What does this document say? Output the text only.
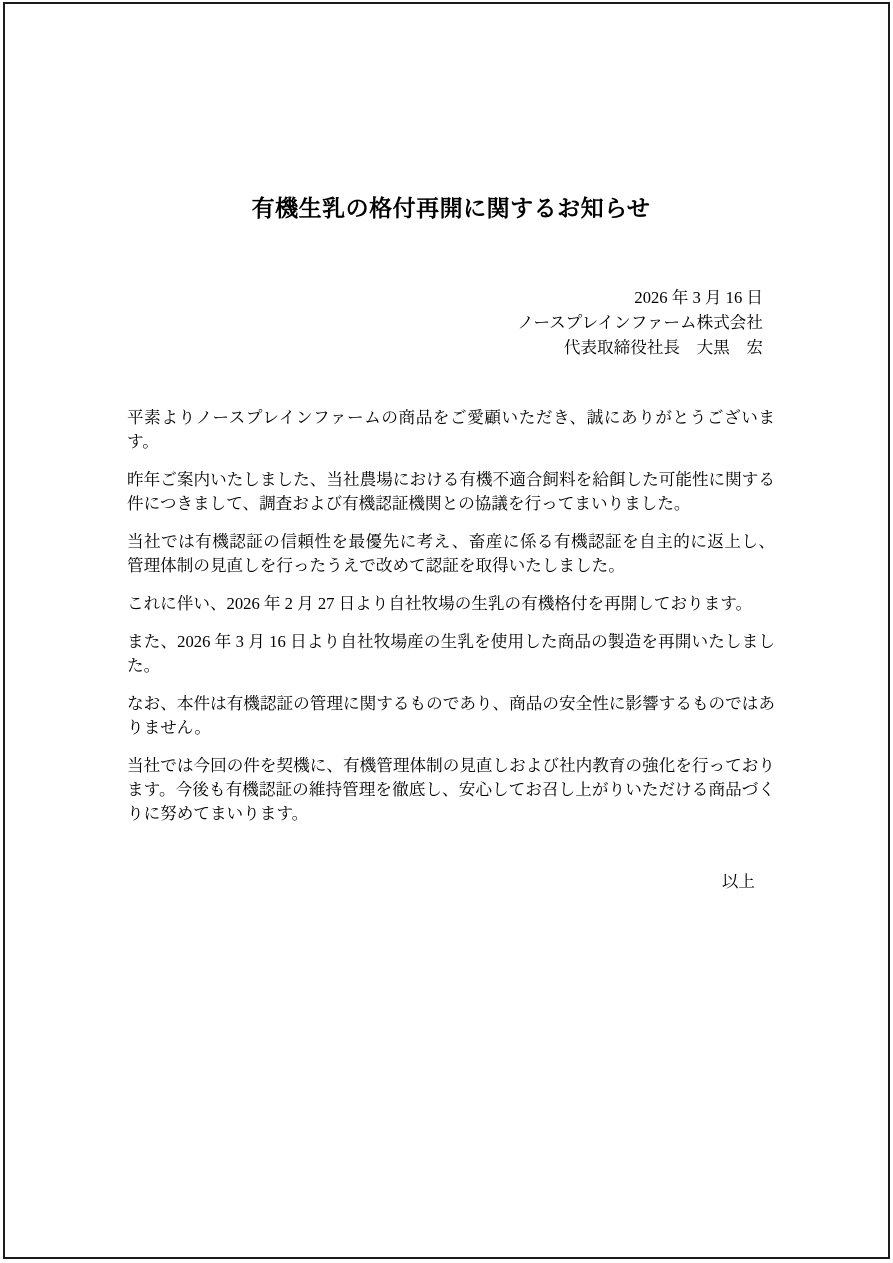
有機生乳の格付再開に関するお知らせ
2026 年 3 月 16 日
ノースプレインファーム株式会社
代表取締役社長　大黒　宏

平素よりノースプレインファームの商品をご愛顧いただき、誠にありがとうございます。

昨年ご案内いたしました、当社農場における有機不適合飼料を給餌した可能性に関する件につきまして、調査および有機認証機関との協議を行ってまいりました。

当社では有機認証の信頼性を最優先に考え、畜産に係る有機認証を自主的に返上し、管理体制の見直しを行ったうえで改めて認証を取得いたしました。

これに伴い、2026 年 2 月 27 日より自社牧場の生乳の有機格付を再開しております。

また、2026 年 3 月 16 日より自社牧場産の生乳を使用した商品の製造を再開いたしました。

なお、本件は有機認証の管理に関するものであり、商品の安全性に影響するものではありません。

当社では今回の件を契機に、有機管理体制の見直しおよび社内教育の強化を行っております。今後も有機認証の維持管理を徹底し、安心してお召し上がりいただける商品づくりに努めてまいります。

以上
